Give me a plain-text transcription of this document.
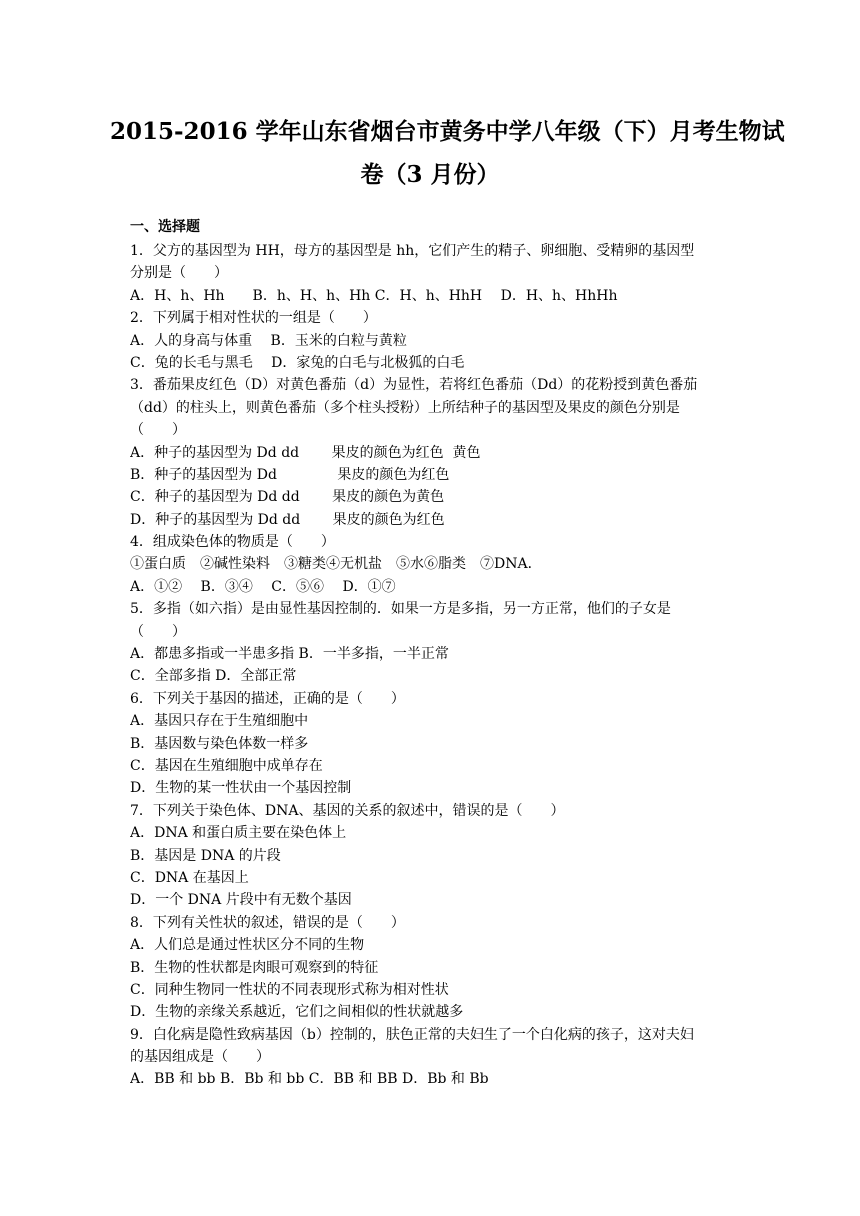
2015-2016 学年山东省烟台市黄务中学八年级（下）月考生物试
卷（3 月份）
一、选择题
1．父方的基因型为 HH，母方的基因型是 hh，它们产生的精子、卵细胞、受精卵的基因型
分别是（　　）
A．H、h、Hh　　B．h、H、h、Hh C．H、h、HhH　 D．H、h、HhHh
2．下列属于相对性状的一组是（　　）
A．人的身高与体重　 B．玉米的白粒与黄粒
C．兔的长毛与黑毛　 D．家兔的白毛与北极狐的白毛
3．番茄果皮红色（D）对黄色番茄（d）为显性，若将红色番茄（Dd）的花粉授到黄色番茄
（dd）的柱头上，则黄色番茄（多个柱头授粉）上所结种子的基因型及果皮的颜色分别是
（　　）
A．种子的基因型为 Dd dd　　 果皮的颜色为红色  黄色
B．种子的基因型为 Dd　　　　 果皮的颜色为红色
C．种子的基因型为 Dd dd　　 果皮的颜色为黄色
D．种子的基因型为 Dd dd　　 果皮的颜色为红色
4．组成染色体的物质是（　　）
①蛋白质　②碱性染料　③糖类④无机盐　⑤水⑥脂类　⑦DNA．
A．①②　 B．③④　 C．⑤⑥　 D．①⑦
5．多指（如六指）是由显性基因控制的．如果一方是多指，另一方正常，他们的子女是
（　　）
A．都患多指或一半患多指 B．一半多指，一半正常
C．全部多指 D．全部正常
6．下列关于基因的描述，正确的是（　　）
A．基因只存在于生殖细胞中
B．基因数与染色体数一样多
C．基因在生殖细胞中成单存在
D．生物的某一性状由一个基因控制
7．下列关于染色体、DNA、基因的关系的叙述中，错误的是（　　）
A．DNA 和蛋白质主要在染色体上
B．基因是 DNA 的片段
C．DNA 在基因上
D．一个 DNA 片段中有无数个基因
8．下列有关性状的叙述，错误的是（　　）
A．人们总是通过性状区分不同的生物
B．生物的性状都是肉眼可观察到的特征
C．同种生物同一性状的不同表现形式称为相对性状
D．生物的亲缘关系越近，它们之间相似的性状就越多
9．白化病是隐性致病基因（b）控制的，肤色正常的夫妇生了一个白化病的孩子，这对夫妇
的基因组成是（　　）
A．BB 和 bb B．Bb 和 bb C．BB 和 BB D．Bb 和 Bb
